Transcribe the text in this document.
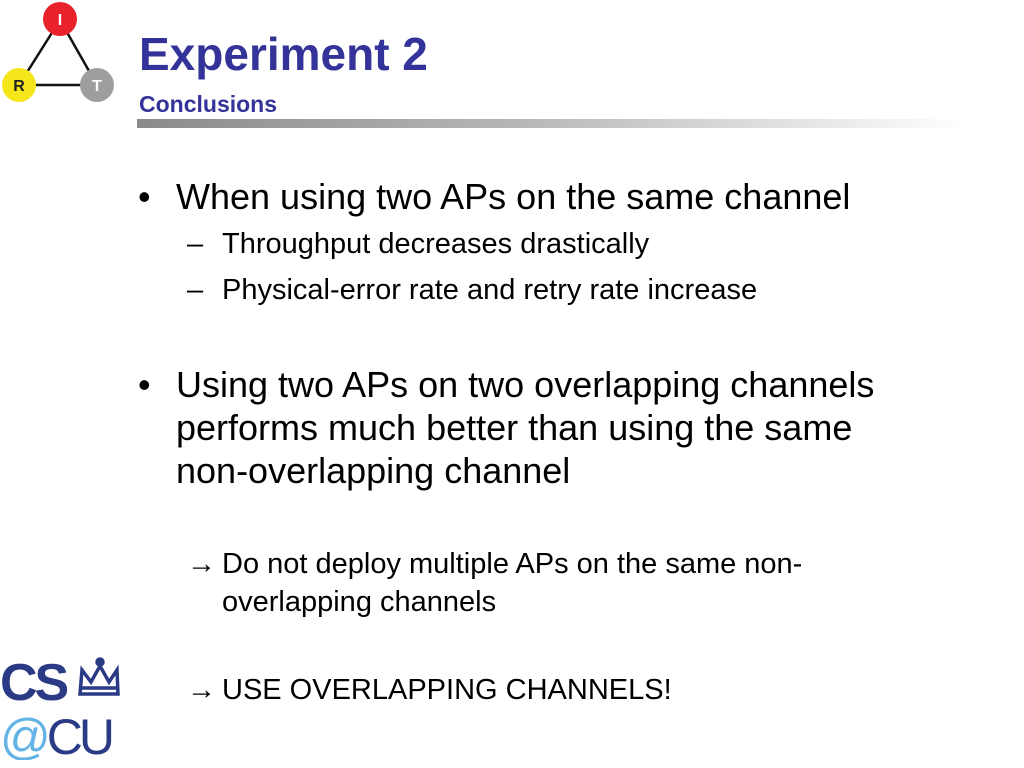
I
R	T
Experiment 2
Conclusions
• When using two APs on the same channel
– Throughput decreases drastically
– Physical-error rate and retry rate increase
• Using two APs on two overlapping channels
performs much better than using the same
non-overlapping channel
→ Do not deploy multiple APs on the same non-
overlapping channels
→ USE OVERLAPPING CHANNELS!
CS
@CU
